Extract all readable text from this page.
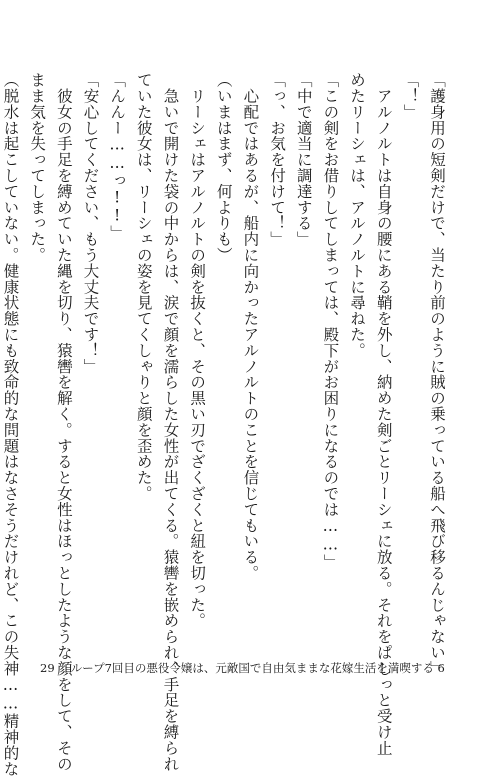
「護身用の短剣だけで、当たり前のように賊の乗っている船へ飛び移るんじゃない」
「！」
　アルノルトは自身の腰にある鞘を外し、納めた剣ごとリーシェに放る。それをぱしっと受け止
めたリーシェは、アルノルトに尋ねた。
「この剣をお借りしてしまっては、殿下がお困りになるのでは……」
「中で適当に調達する」
「っ、お気を付けて！」
　心配ではあるが、船内に向かったアルノルトのことを信じてもいる。
（いまはまず、何よりも）
　リーシェはアルノルトの剣を抜くと、その黒い刃でざくざくと紐を切った。
　急いで開けた袋の中からは、涙で顔を濡らした女性が出てくる。猿轡を嵌められ、手足を縛られ
ていた彼女は、リーシェの姿を見てくしゃりと顔を歪めた。
「んんー……っ!!」
「安心してください、もう大丈夫です！」
　彼女の手足を縛めていた縄を切り、猿轡を解く。すると女性はほっとしたような顔をして、その
まま気を失ってしまった。
（脱水は起こしていない。健康状態にも致命的な問題はなさそうだけれど、この失神……精神的な	29 ループ7回目の悪役令嬢は、元敵国で自由気ままな花嫁生活を満喫する 6
